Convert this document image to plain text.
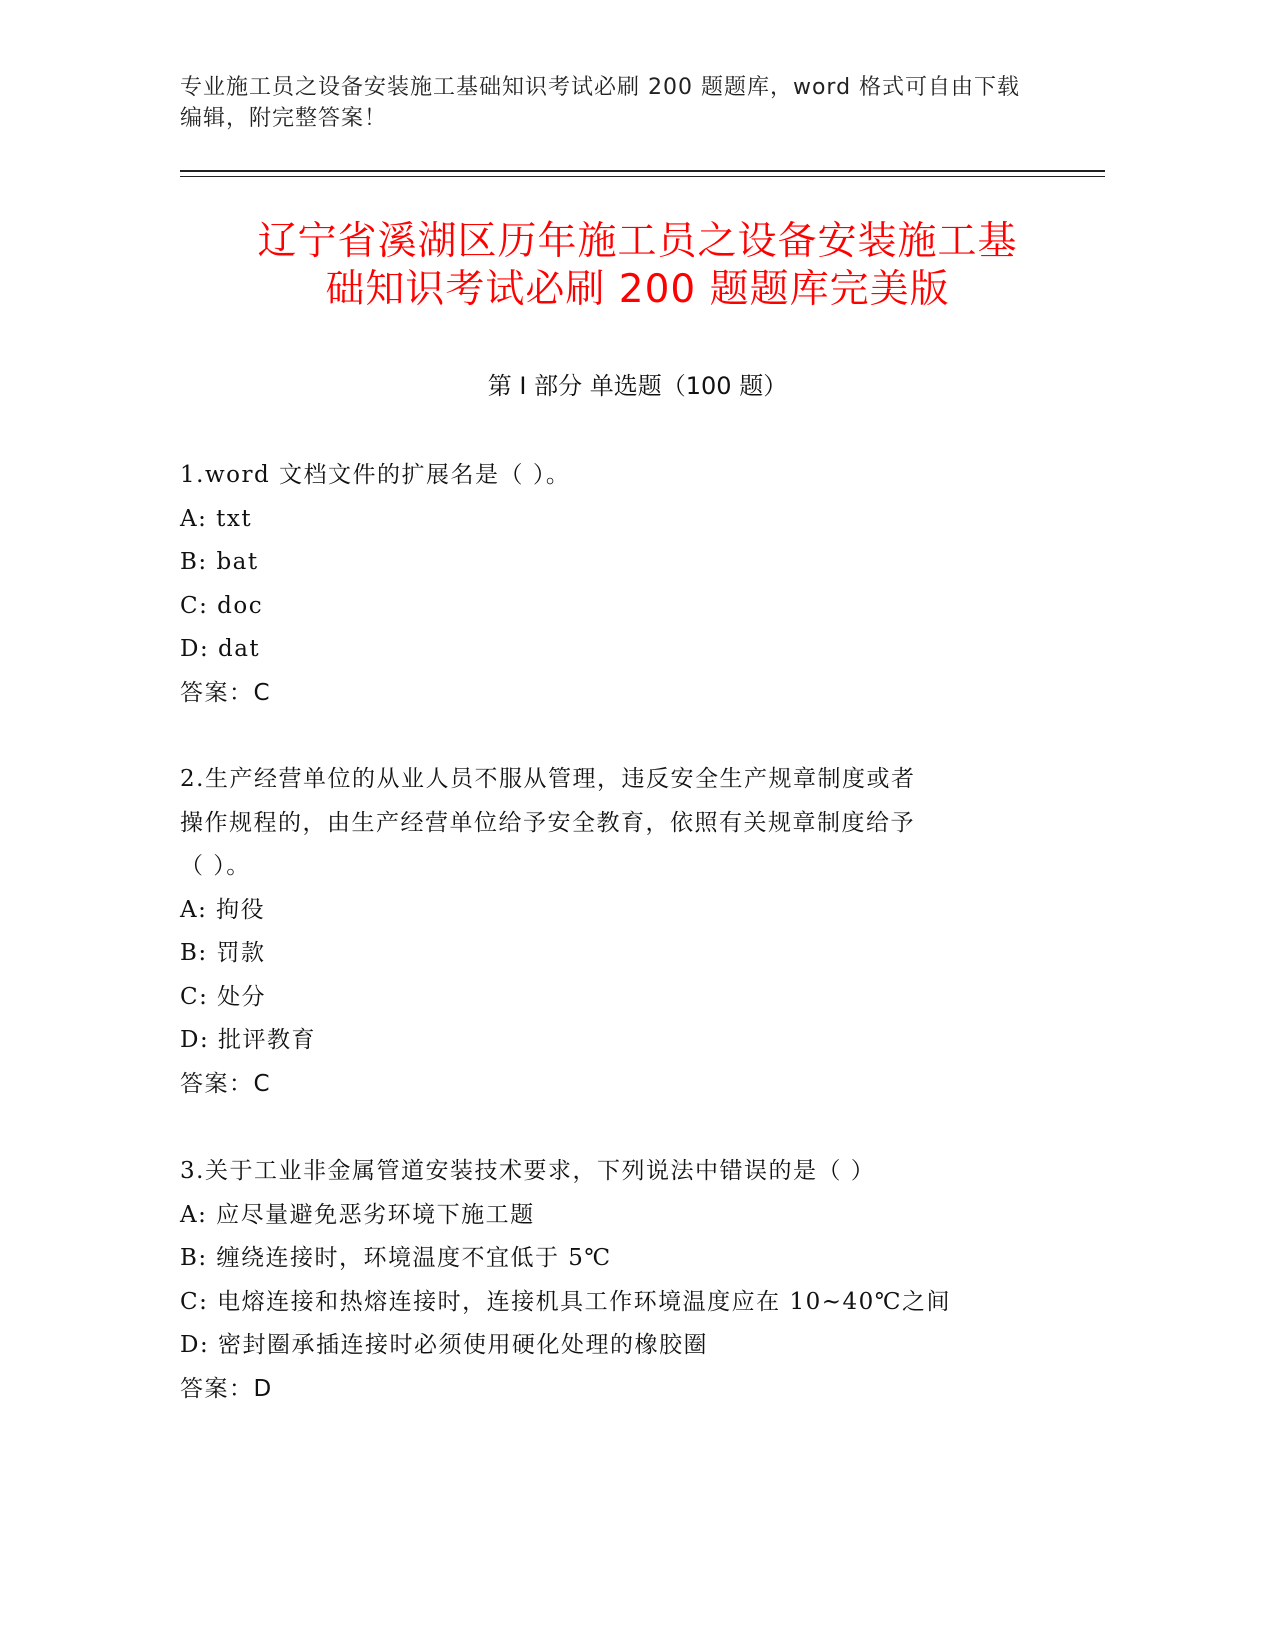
专业施工员之设备安装施工基础知识考试必刷 200 题题库，word 格式可自由下载
编辑，附完整答案！
辽宁省溪湖区历年施工员之设备安装施工基
础知识考试必刷 200 题题库完美版
第 I 部分 单选题（100 题）
1.word 文档文件的扩展名是（ ）。
A: txt
B: bat
C: doc
D: dat
答案：C
2.生产经营单位的从业人员不服从管理，违反安全生产规章制度或者
操作规程的，由生产经营单位给予安全教育，依照有关规章制度给予
（ ）。
A: 拘役
B: 罚款
C: 处分
D: 批评教育
答案：C
3.关于工业非金属管道安装技术要求，下列说法中错误的是（ ）
A: 应尽量避免恶劣环境下施工题
B: 缠绕连接时，环境温度不宜低于 5℃
C: 电熔连接和热熔连接时，连接机具工作环境温度应在 10~40℃之间
D: 密封圈承插连接时必须使用硬化处理的橡胶圈
答案：D
